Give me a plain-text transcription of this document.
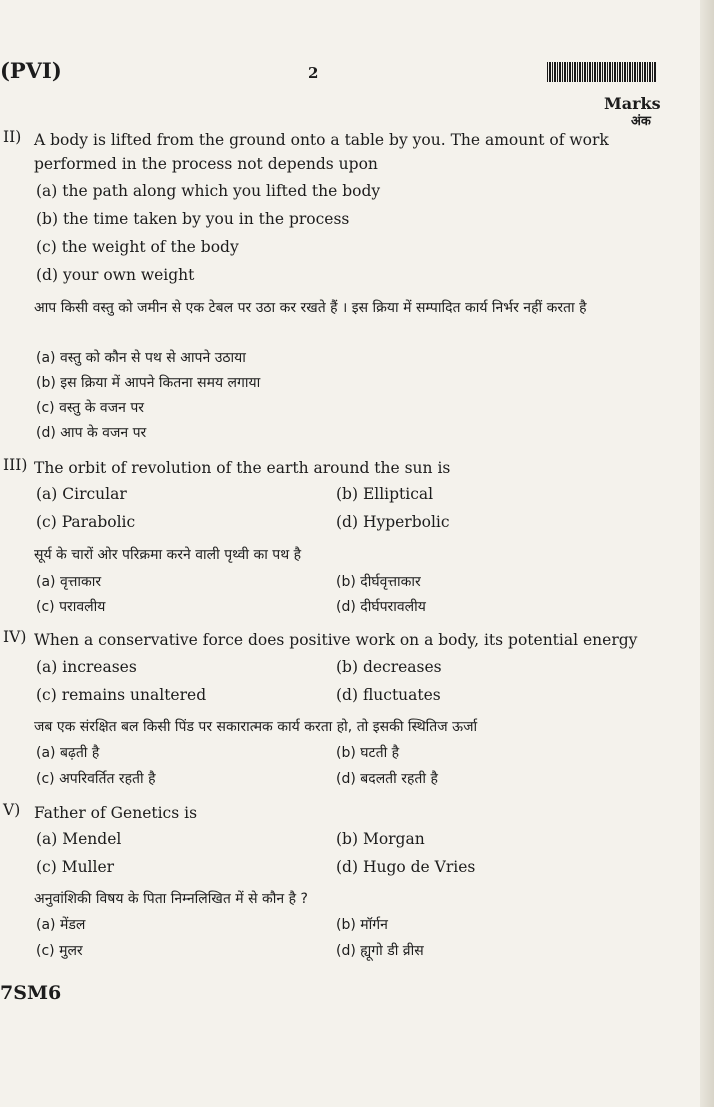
(PVI)	2
Marks
अंक
II) A body is lifted from the ground onto a table by you. The amount of work performed in the process not depends upon
(a) the path along which you lifted the body
(b) the time taken by you in the process
(c) the weight of the body
(d) your own weight
आप किसी वस्तु को जमीन से एक टेबल पर उठा कर रखते हैं । इस क्रिया में सम्पादित कार्य निर्भर नहीं करता है
(a) वस्तु को कौन से पथ से आपने उठाया
(b) इस क्रिया में आपने कितना समय लगाया
(c) वस्तु के वजन पर
(d) आप के वजन पर
III) The orbit of revolution of the earth around the sun is
(a) Circular	(b) Elliptical
(c) Parabolic	(d) Hyperbolic
सूर्य के चारों ओर परिक्रमा करने वाली पृथ्वी का पथ है
(a) वृत्ताकार	(b) दीर्घवृत्ताकार
(c) परावलीय	(d) दीर्घपरावलीय
IV) When a conservative force does positive work on a body, its potential energy
(a) increases	(b) decreases
(c) remains unaltered	(d) fluctuates
जब एक संरक्षित बल किसी पिंड पर सकारात्मक कार्य करता हो, तो इसकी स्थितिज ऊर्जा
(a) बढ़ती है	(b) घटती है
(c) अपरिवर्तित रहती है	(d) बदलती रहती है
V) Father of Genetics is
(a) Mendel	(b) Morgan
(c) Muller	(d) Hugo de Vries
अनुवांशिकी विषय के पिता निम्नलिखित में से कौन है ?
(a) मेंडल	(b) मॉर्गन
(c) मुलर	(d) ह्यूगो डी व्रीस
7SM6
